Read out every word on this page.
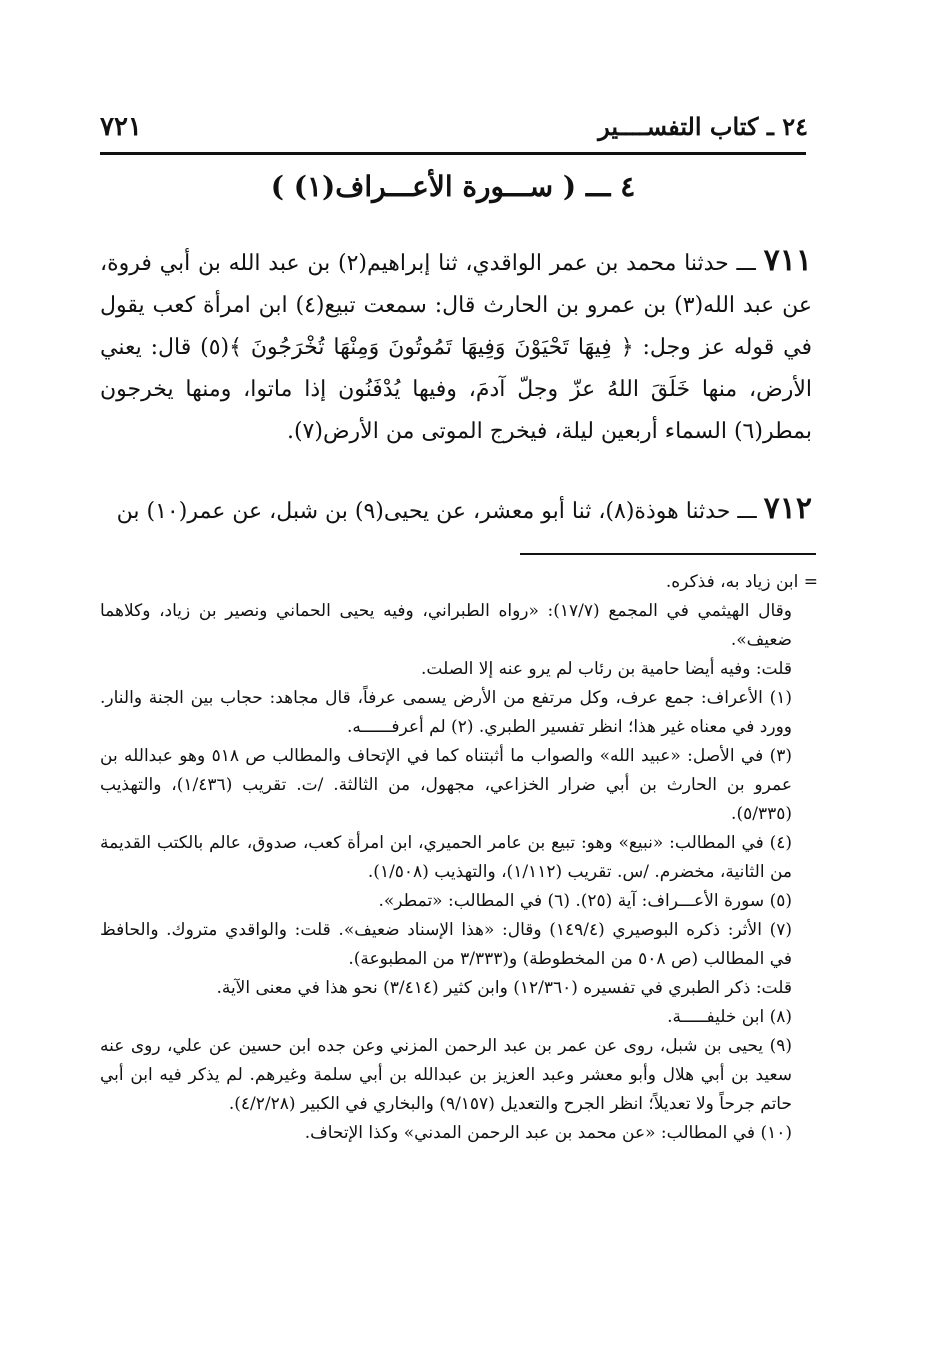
٧٢١	٢٤ ـ كتاب التفســــير
٤ ـــ ( ســـورة الأعـــراف(١) )
٧١١ ـــ حدثنا محمد بن عمر الواقدي، ثنا إبراهيم(٢) بن عبد الله بن أبي فروة، عن عبد الله(٣) بن عمرو بن الحارث قال: سمعت تبيع(٤) ابن امرأة كعب يقول في قوله عز وجل: ﴿ فِيهَا تَحْيَوْنَ وَفِيهَا تَمُوتُونَ وَمِنْهَا تُخْرَجُونَ ﴾(٥) قال: يعني الأرض، منها خَلَقَ اللهُ عزّ وجلّ آدمَ، وفيها يُدْفَنُون إذا ماتوا، ومنها يخرجون بمطر(٦) السماء أربعين ليلة، فيخرج الموتى من الأرض(٧).
٧١٢ ـــ حدثنا هوذة(٨)، ثنا أبو معشر، عن يحيى(٩) بن شبل، عن عمر(١٠) بن

= ابن زياد به، فذكره.

وقال الهيثمي في المجمع (١٧/٧): «رواه الطبراني، وفيه يحيى الحماني ونصير بن زياد، وكلاهما ضعيف».

قلت: وفيه أيضا حامية بن رئاب لم يرو عنه إلا الصلت.

(١) الأعراف: جمع عرف، وكل مرتفع من الأرض يسمى عرفاً، قال مجاهد: حجاب بين الجنة والنار. وورد في معناه غير هذا؛ انظر تفسير الطبري. (٢) لم أعرفــــــه.

(٣) في الأصل: «عبيد الله» والصواب ما أثبتناه كما في الإتحاف والمطالب ص ٥١٨ وهو عبدالله بن عمرو بن الحارث بن أبي ضرار الخزاعي، مجهول، من الثالثة. /ت. تقريب (١/٤٣٦)، والتهذيب (٥/٣٣٥).

(٤) في المطالب: «نبيع» وهو: تبيع بن عامر الحميري، ابن امرأة كعب، صدوق، عالم بالكتب القديمة من الثانية، مخضرم. /س. تقريب (١/١١٢)، والتهذيب (١/٥٠٨).

(٥) سورة الأعـــراف: آية (٢٥). (٦) في المطالب: «تمطر».

(٧) الأثر: ذكره البوصيري (١٤٩/٤) وقال: «هذا الإسناد ضعيف». قلت: والواقدي متروك. والحافظ في المطالب (ص ٥٠٨ من المخطوطة) و(٣/٣٣٣ من المطبوعة).

قلت: ذكر الطبري في تفسيره (١٢/٣٦٠) وابن كثير (٣/٤١٤) نحو هذا في معنى الآية.

(٨) ابن خليفـــــة.

(٩) يحيى بن شبل، روى عن عمر بن عبد الرحمن المزني وعن جده ابن حسين عن علي، روى عنه سعيد بن أبي هلال وأبو معشر وعبد العزيز بن عبدالله بن أبي سلمة وغيرهم. لم يذكر فيه ابن أبي حاتم جرحاً ولا تعديلاً؛ انظر الجرح والتعديل (٩/١٥٧) والبخاري في الكبير (٤/٢/٢٨).

(١٠) في المطالب: «عن محمد بن عبد الرحمن المدني» وكذا الإتحاف.
